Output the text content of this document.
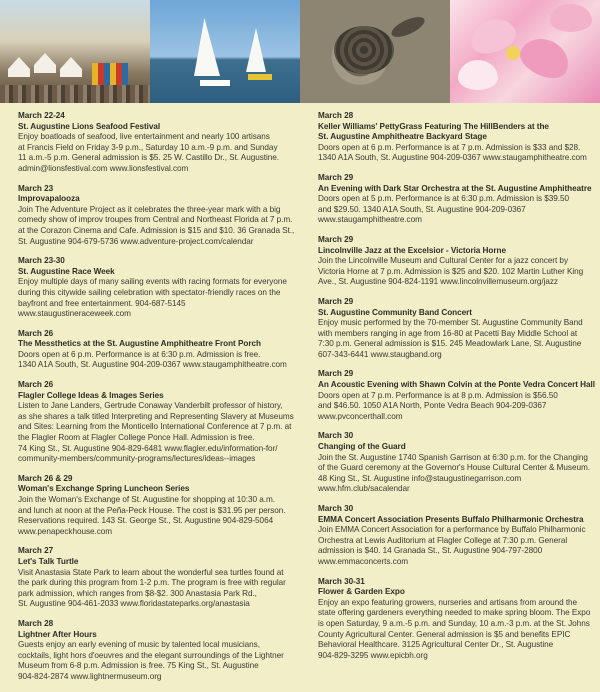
March 22-24

St. Augustine Lions Seafood Festival

Enjoy boatloads of seafood, live entertainment and nearly 100 artisans

at Francis Field on Friday 3-9 p.m., Saturday 10 a.m.-9 p.m. and Sunday

11 a.m.-5 p.m. General admission is $5. 25 W. Castillo Dr., St. Augustine.

admin@lionsfestival.com www.lionsfestival.com

March 23

Improvapalooza

Join The Adventure Project as it celebrates the three-year mark with a big

comedy show of improv troupes from Central and Northeast Florida at 7 p.m.

at the Corazon Cinema and Cafe. Admission is $15 and $10. 36 Granada St.,

St. Augustine 904-679-5736 www.adventure-project.com/calendar

March 23-30

St. Augustine Race Week

Enjoy multiple days of many sailing events with racing formats for everyone

during this citywide sailing celebration with spectator-friendly races on the

bayfront and free entertainment. 904-687-5145 www.staugustineraceweek.com

March 26

The Messthetics at the St. Augustine Amphitheatre Front Porch

Doors open at 6 p.m. Performance is at 6:30 p.m. Admission is free.

1340 A1A South, St. Augustine 904-209-0367 www.staugamphitheatre.com

March 26

Flagler College Ideas & Images Series

Listen to Jane Landers, Gertrude Conaway Vanderbilt professor of history,

as she shares a talk titled Interpreting and Representing Slavery at Museums

and Sites: Learning from the Monticello International Conference at 7 p.m. at

the Flagler Room at Flagler College Ponce Hall. Admission is free.

74 King St., St. Augustine 904-829-6481 www.flagler.edu/information-for/

community-members/community-programs/lectures/ideas--images

March 26 & 29

Woman's Exchange Spring Luncheon Series

Join the Woman's Exchange of St. Augustine for shopping at 10:30 a.m.

and lunch at noon at the Peña-Peck House. The cost is $31.95 per person.

Reservations required. 143 St. George St., St. Augustine 904-829-5064

www.penapeckhouse.com

March 27

Let's Talk Turtle

Visit Anastasia State Park to learn about the wonderful sea turtles found at

the park during this program from 1-2 p.m. The program is free with regular

park admission, which ranges from $8-$2. 300 Anastasia Park Rd.,

St. Augustine 904-461-2033 www.floridastateparks.org/anastasia

March 28

Lightner After Hours

Guests enjoy an early evening of music by talented local musicians,

cocktails, light hors d'oeuvres and the elegant surroundings of the Lightner

Museum from 6-8 p.m. Admission is free. 75 King St., St. Augustine

904-824-2874 www.lightnermuseum.org

March 28

Keller Williams' PettyGrass Featuring The HillBenders at the

St. Augustine Amphitheatre Backyard Stage

Doors open at 6 p.m. Performance is at 7 p.m. Admission is $33 and $28.

1340 A1A South, St. Augustine 904-209-0367 www.staugamphitheatre.com

March 29

An Evening with Dark Star Orchestra at the St. Augustine Amphitheatre

Doors open at 5 p.m. Performance is at 6:30 p.m. Admission is $39.50

and $29.50. 1340 A1A South, St. Augustine 904-209-0367

www.staugamphitheatre.com

March 29

Lincolnville Jazz at the Excelsior - Victoria Horne

Join the Lincolnville Museum and Cultural Center for a jazz concert by

Victoria Horne at 7 p.m. Admission is $25 and $20. 102 Martin Luther King

Ave., St. Augustine 904-824-1191 www.lincolnvillemuseum.org/jazz

March 29

St. Augustine Community Band Concert

Enjoy music performed by the 70-member St. Augustine Community Band

with members ranging in age from 16-80 at Pacetti Bay Middle School at

7:30 p.m. General admission is $15. 245 Meadowlark Lane, St. Augustine

607-343-6441 www.staugband.org

March 29

An Acoustic Evening with Shawn Colvin at the Ponte Vedra Concert Hall

Doors open at 7 p.m. Performance is at 8 p.m. Admission is $56.50

and $46.50. 1050 A1A North, Ponte Vedra Beach 904-209-0367

www.pvconcerthall.com

March 30

Changing of the Guard

Join the St. Augustine 1740 Spanish Garrison at 6:30 p.m. for the Changing

of the Guard ceremony at the Governor's House Cultural Center & Museum.

48 King St., St. Augustine info@staugustinegarrison.com

www.hfm.club/sacalendar

March 30

EMMA Concert Association Presents Buffalo Philharmonic Orchestra

Join EMMA Concert Association for a performance by Buffalo Philharmonic

Orchestra at Lewis Auditorium at Flagler College at 7:30 p.m. General

admission is $40. 14 Granada St., St. Augustine 904-797-2800

www.emmaconcerts.com

March 30-31

Flower & Garden Expo

Enjoy an expo featuring growers, nurseries and artisans from around the

state offering gardeners everything needed to make spring bloom. The Expo

is open Saturday, 9 a.m.-5 p.m. and Sunday, 10 a.m.-3 p.m. at the St. Johns

County Agricultural Center. General admission is $5 and benefits EPIC

Behavioral Healthcare. 3125 Agricultural Center Dr., St. Augustine

904-829-3295 www.epicbh.org
